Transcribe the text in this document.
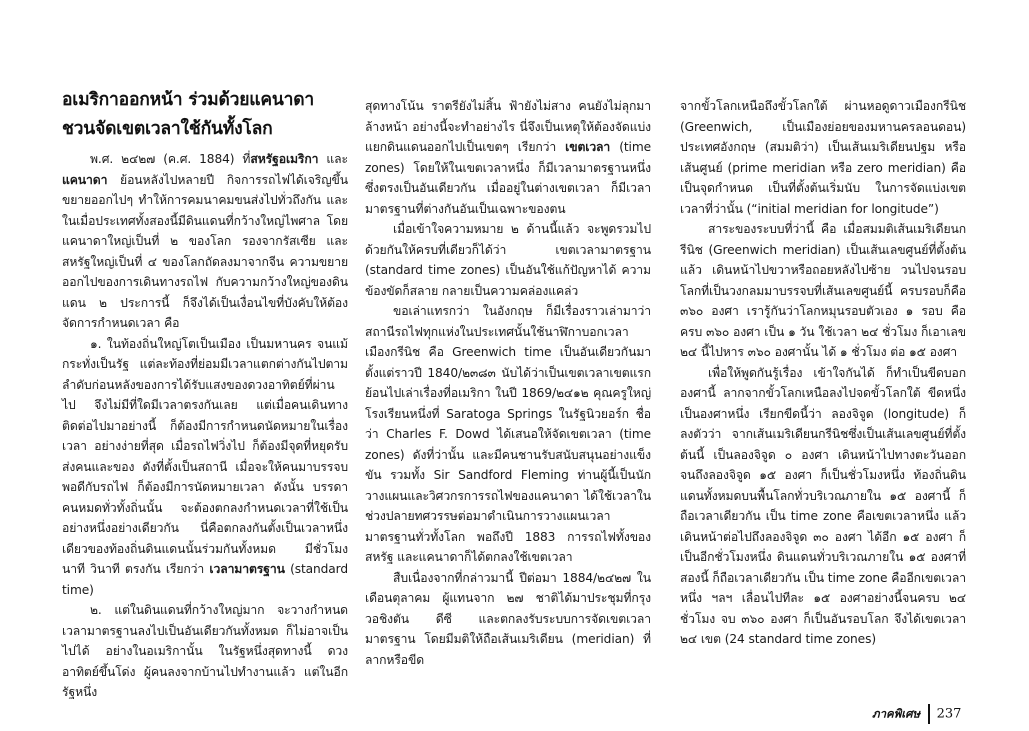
อเมริกาออกหน้า ร่วมด้วยแคนาดา
ชวนจัดเขตเวลาใช้กันทั้งโลก

พ.ศ. ๒๔๒๗ (ค.ศ. 1884) ที่สหรัฐอเมริกา และ แคนาดา ย้อนหลังไปหลายปี กิจการรถไฟได้เจริญขึ้น ขยายออกไปๆ ทำให้การคมนาคมขนส่งไปทั่วถึงกัน และในเมื่อประเทศทั้งสองนี้มีดินแดนที่กว้างใหญ่ไพศาล โดยแคนาดาใหญ่เป็นที่ ๒ ของโลก รองจากรัสเซีย และสหรัฐใหญ่เป็นที่ ๔ ของโลกถัดลงมาจากจีน ความขยายออกไปของการเดินทางรถไฟ กับความกว้างใหญ่ของดินแดน ๒ ประการนี้ ก็จึงได้เป็นเงื่อนไขที่บังคับให้ต้องจัดการกำหนดเวลา คือ

๑. ในท้องถิ่นใหญ่โตเป็นเมือง เป็นมหานคร จนแม้กระทั่งเป็นรัฐ แต่ละท้องที่ย่อมมีเวลาแตกต่างกันไปตามลำดับก่อนหลังของการได้รับแสงของดวงอาทิตย์ที่ผ่านไป จึงไม่มีที่ใดมีเวลาตรงกันเลย แต่เมื่อคนเดินทางติดต่อไปมาอย่างนี้ ก็ต้องมีการกำหนดนัดหมายในเรื่องเวลา อย่างง่ายที่สุด เมื่อรถไฟวิ่งไป ก็ต้องมีจุดที่หยุดรับส่งคนและของ ดังที่ตั้งเป็นสถานี เมื่อจะให้คนมาบรรจบพอดีกับรถไฟ ก็ต้องมีการนัดหมายเวลา ดังนั้น บรรดาคนหมดทั่วทั้งถิ่นนั้น จะต้องตกลงกำหนดเวลาที่ใช้เป็นอย่างหนึ่งอย่างเดียวกัน นี่คือตกลงกันตั้งเป็นเวลาหนึ่งเดียวของท้องถิ่นดินแดนนั้นร่วมกันทั้งหมด มีชั่วโมง นาที วินาที ตรงกัน เรียกว่า เวลามาตรฐาน (standard time)

๒. แต่ในดินแดนที่กว้างใหญ่มาก จะวางกำหนดเวลามาตรฐานลงไปเป็นอันเดียวกันทั้งหมด ก็ไม่อาจเป็นไปได้ อย่างในอเมริกานั้น ในรัฐหนึ่งสุดทางนี้ ดวงอาทิตย์ขึ้นโด่ง ผู้คนลงจากบ้านไปทำงานแล้ว แต่ในอีกรัฐหนึ่ง

สุดทางโน้น ราตรียังไม่สิ้น ฟ้ายังไม่สาง คนยังไม่ลุกมาล้างหน้า อย่างนี้จะทำอย่างไร นี่จึงเป็นเหตุให้ต้องจัดแบ่งแยกดินแดนออกไปเป็นเขตๆ เรียกว่า เขตเวลา (time zones) โดยให้ในเขตเวลาหนึ่ง ก็มีเวลามาตรฐานหนึ่ง ซึ่งตรงเป็นอันเดียวกัน เมื่ออยู่ในต่างเขตเวลา ก็มีเวลามาตรฐานที่ต่างกันอันเป็นเฉพาะของตน

เมื่อเข้าใจความหมาย ๒ ด้านนี้แล้ว จะพูดรวมไปด้วยกันให้ครบที่เดียวก็ได้ว่า เขตเวลามาตรฐาน (standard time zones) เป็นอันใช้แก้ปัญหาได้ ความข้องขัดก็สลาย กลายเป็นความคล่องแคล่ว

ขอเล่าแทรกว่า ในอังกฤษ ก็มีเรื่องราวเล่ามาว่าสถานีรถไฟทุกแห่งในประเทศนั้นใช้นาฬิกาบอกเวลาเมืองกรีนิช คือ Greenwich time เป็นอันเดียวกันมาตั้งแต่ราวปี 1840/๒๓๘๓ นับได้ว่าเป็นเขตเวลาเขตแรก ย้อนไปเล่าเรื่องที่อเมริกา ในปี 1869/๒๔๑๒ คุณครูใหญ่โรงเรียนหนึ่งที่ Saratoga Springs ในรัฐนิวยอร์ก ชื่อว่า Charles F. Dowd ได้เสนอให้จัดเขตเวลา (time zones) ดังที่ว่านั้น และมีคนชานรับสนับสนุนอย่างแข็งขัน รวมทั้ง Sir Sandford Fleming ท่านผู้นี้เป็นนักวางแผนและวิศวกรการรถไฟของแคนาดา ได้ใช้เวลาในช่วงปลายทศวรรษต่อมาดำเนินการวางแผนเวลามาตรฐานทั่วทั้งโลก พอถึงปี 1883 การรถไฟทั้งของสหรัฐ และแคนาดาก็ได้ตกลงใช้เขตเวลา

สืบเนื่องจากที่กล่าวมานี้ ปีต่อมา 1884/๒๔๒๗ ในเดือนตุลาคม ผู้แทนจาก ๒๗ ชาติได้มาประชุมที่กรุงวอชิงตัน ดีซี และตกลงรับระบบการจัดเขตเวลามาตรฐาน โดยมีมติให้ถือเส้นเมริเดียน (meridian) ที่ลากหรือขีด

จากขั้วโลกเหนือถึงขั้วโลกใต้ ผ่านหอดูดาวเมืองกรีนิช (Greenwich, เป็นเมืองย่อยของมหานครลอนดอน) ประเทศอังกฤษ (สมมติว่า) เป็นเส้นเมริเดียนปฐม หรือเส้นศูนย์ (prime meridian หรือ zero meridian) คือเป็นจุดกำหนด เป็นที่ตั้งต้นเริ่มนับ ในการจัดแบ่งเขตเวลาที่ว่านั้น (“initial meridian for longitude”)

สาระของระบบที่ว่านี้ คือ เมื่อสมมติเส้นเมริเดียนกรีนิช (Greenwich meridian) เป็นเส้นเลขศูนย์ที่ตั้งต้นแล้ว เดินหน้าไปขวาหรือถอยหลังไปซ้าย วนไปจนรอบโลกที่เป็นวงกลมมาบรรจบที่เส้นเลขศูนย์นี้ ครบรอบก็คือ ๓๖๐ องศา เรารู้กันว่าโลกหมุนรอบตัวเอง ๑ รอบ คือครบ ๓๖๐ องศา เป็น ๑ วัน ใช้เวลา ๒๔ ชั่วโมง ก็เอาเลข ๒๔ นี้ไปหาร ๓๖๐ องศานั้น ได้ ๑ ชั่วโมง ต่อ ๑๕ องศา

เพื่อให้พูดกันรู้เรื่อง เข้าใจกันได้ ก็ทำเป็นขีดบอกองศานี้ ลากจากขั้วโลกเหนือลงไปจดขั้วโลกใต้ ขีดหนึ่งเป็นองศาหนึ่ง เรียกขีดนี้ว่า ลองจิจูด (longitude) ก็ลงตัวว่า จากเส้นเมริเดียนกรีนิชซึ่งเป็นเส้นเลขศูนย์ที่ตั้งต้นนี้ เป็นลองจิจูด ๐ องศา เดินหน้าไปทางตะวันออกจนถึงลองจิจูด ๑๕ องศา ก็เป็นชั่วโมงหนึ่ง ท้องถิ่นดินแดนทั้งหมดบนพื้นโลกทั่วบริเวณภายใน ๑๕ องศานี้ ก็ถือเวลาเดียวกัน เป็น time zone คือเขตเวลาหนึ่ง แล้วเดินหน้าต่อไปถึงลองจิจูด ๓๐ องศา ได้อีก ๑๕ องศา ก็เป็นอีกชั่วโมงหนึ่ง ดินแดนทั่วบริเวณภายใน ๑๕ องศาที่สองนี้ ก็ถือเวลาเดียวกัน เป็น time zone คืออีกเขตเวลาหนึ่ง ฯลฯ เลื่อนไปทีละ ๑๕ องศาอย่างนี้จนครบ ๒๔ ชั่วโมง จบ ๓๖๐ องศา ก็เป็นอันรอบโลก จึงได้เขตเวลา ๒๔ เขต (24 standard time zones)

ภาคพิเศษ 237
